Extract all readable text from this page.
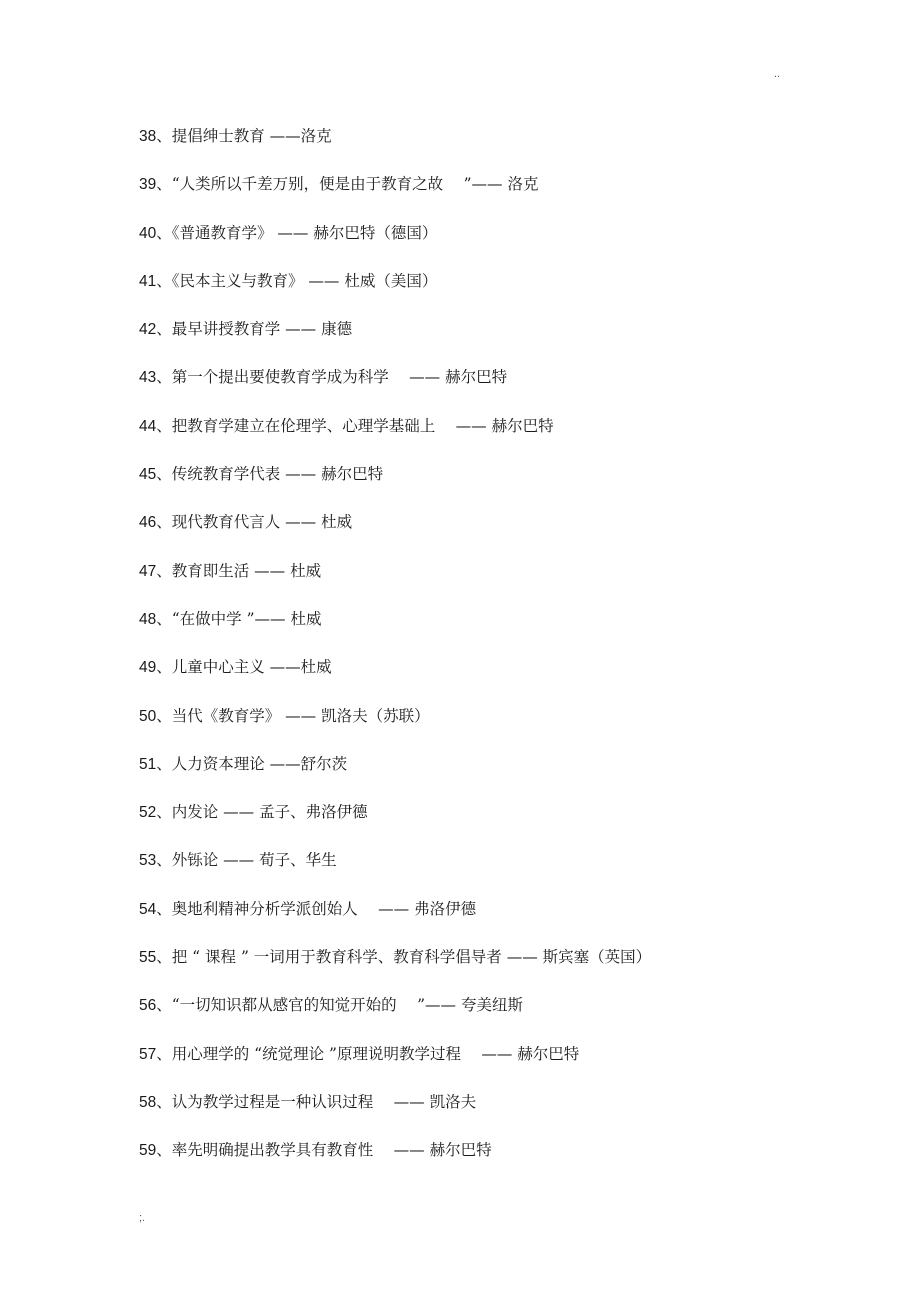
..
38、提倡绅士教育 ——洛克
39、“人类所以千差万别，便是由于教育之故　 ”—— 洛克
40、《普通教育学》 —— 赫尔巴特（德国）
41、《民本主义与教育》 —— 杜威（美国）
42、最早讲授教育学 —— 康德
43、第一个提出要使教育学成为科学　 —— 赫尔巴特
44、把教育学建立在伦理学、心理学基础上　 —— 赫尔巴特
45、传统教育学代表 —— 赫尔巴特
46、现代教育代言人 —— 杜威
47、教育即生活 —— 杜威
48、“在做中学 ”—— 杜威
49、儿童中心主义 ——杜威
50、当代《教育学》 —— 凯洛夫（苏联）
51、人力资本理论 ——舒尔茨
52、内发论 —— 孟子、弗洛伊德
53、外铄论 —— 荀子、华生
54、奥地利精神分析学派创始人　 —— 弗洛伊德
55、把 “ 课程 ” 一词用于教育科学、教育科学倡导者 —— 斯宾塞（英国）
56、“一切知识都从感官的知觉开始的　 ”—— 夸美纽斯
57、用心理学的 “统觉理论 ”原理说明教学过程　 —— 赫尔巴特
58、认为教学过程是一种认识过程　 —— 凯洛夫
59、率先明确提出教学具有教育性　 —— 赫尔巴特
;.
